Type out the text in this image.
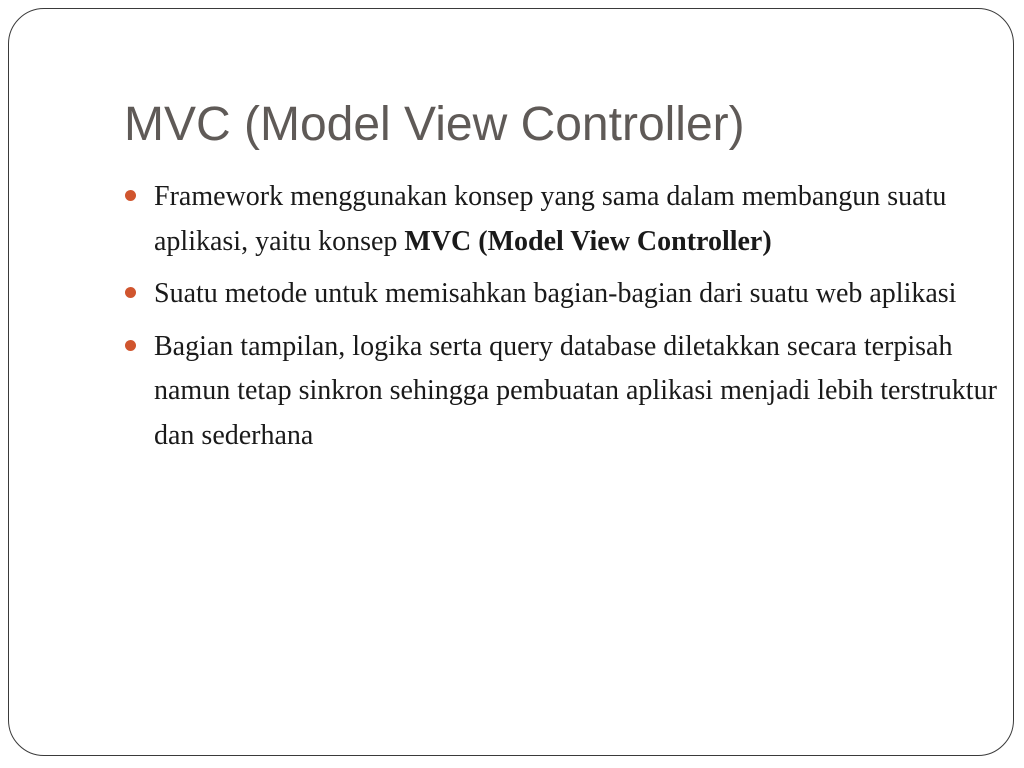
MVC (Model View Controller)
Framework menggunakan konsep yang sama dalam membangun suatu aplikasi, yaitu konsep MVC (Model View Controller)
Suatu metode untuk memisahkan bagian-bagian dari suatu web aplikasi
Bagian tampilan, logika serta query database diletakkan secara terpisah namun tetap sinkron sehingga pembuatan aplikasi menjadi lebih terstruktur dan sederhana
